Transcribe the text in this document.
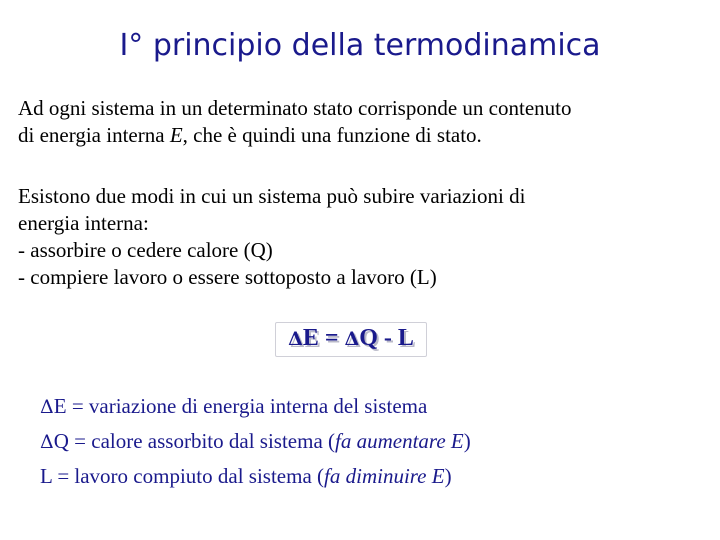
I° principio della termodinamica
Ad ogni sistema in un determinato stato corrisponde un contenuto
di energia interna E, che è quindi una funzione di stato.
Esistono due modi in cui un sistema può subire variazioni di
energia interna:
- assorbire o cedere calore (Q)
- compiere lavoro o essere sottoposto a lavoro (L)
ΔE = ΔQ - L
ΔE = variazione di energia interna del sistema
ΔQ = calore assorbito dal sistema (fa aumentare E)
L = lavoro compiuto dal sistema (fa diminuire E)
